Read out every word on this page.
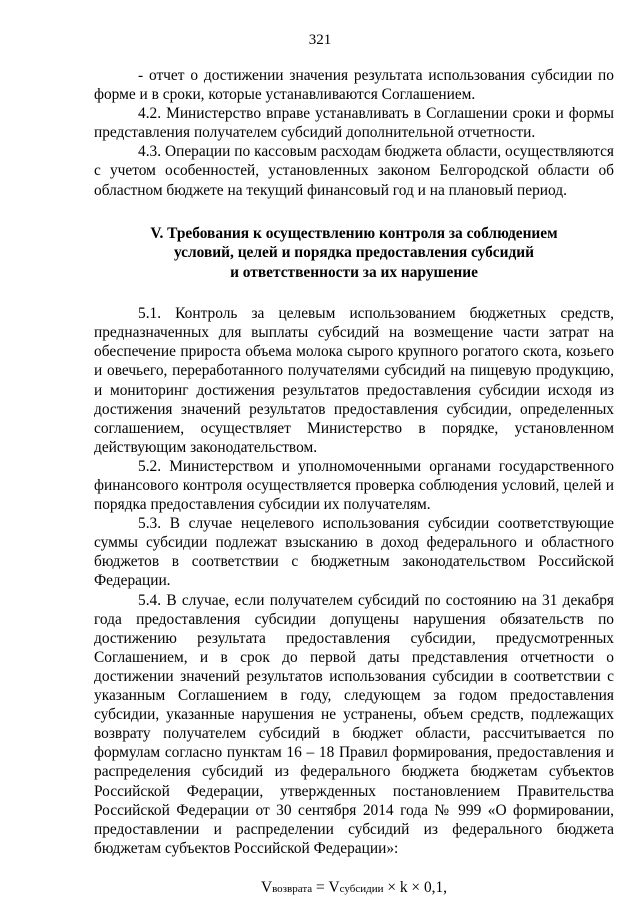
321

- отчет о достижении значения результата использования субсидии по форме и в сроки, которые устанавливаются Соглашением.

4.2. Министерство вправе устанавливать в Соглашении сроки и формы представления получателем субсидий дополнительной отчетности.

4.3. Операции по кассовым расходам бюджета области, осуществляются с учетом особенностей, установленных законом Белгородской области об областном бюджете на текущий финансовый год и на плановый период.

V. Требования к осуществлению контроля за соблюдением
условий, целей и порядка предоставления субсидий
и ответственности за их нарушение

5.1. Контроль за целевым использованием бюджетных средств, предназначенных для выплаты субсидий на возмещение части затрат на обеспечение прироста объема молока сырого крупного рогатого скота, козьего и овечьего, переработанного получателями субсидий на пищевую продукцию, и мониторинг достижения результатов предоставления субсидии исходя из достижения значений результатов предоставления субсидии, определенных соглашением, осуществляет Министерство в порядке, установленном действующим законодательством.

5.2. Министерством и уполномоченными органами государственного финансового контроля осуществляется проверка соблюдения условий, целей и порядка предоставления субсидии их получателям.

5.3. В случае нецелевого использования субсидии соответствующие суммы субсидии подлежат взысканию в доход федерального и областного бюджетов в соответствии с бюджетным законодательством Российской Федерации.

5.4. В случае, если получателем субсидий по состоянию на 31 декабря года предоставления субсидии допущены нарушения обязательств по достижению результата предоставления субсидии, предусмотренных Соглашением, и в срок до первой даты представления отчетности о достижении значений результатов использования субсидии в соответствии с указанным Соглашением в году, следующем за годом предоставления субсидии, указанные нарушения не устранены, объем средств, подлежащих возврату получателем субсидий в бюджет области, рассчитывается по формулам согласно пунктам 16 – 18 Правил формирования, предоставления и распределения субсидий из федерального бюджета бюджетам субъектов Российской Федерации, утвержденных постановлением Правительства Российской Федерации от 30 сентября 2014 года № 999 «О формировании, предоставлении и распределении субсидий из федерального бюджета бюджетам субъектов Российской Федерации»:

Vвозврата = Vсубсидии × k × 0,1,
